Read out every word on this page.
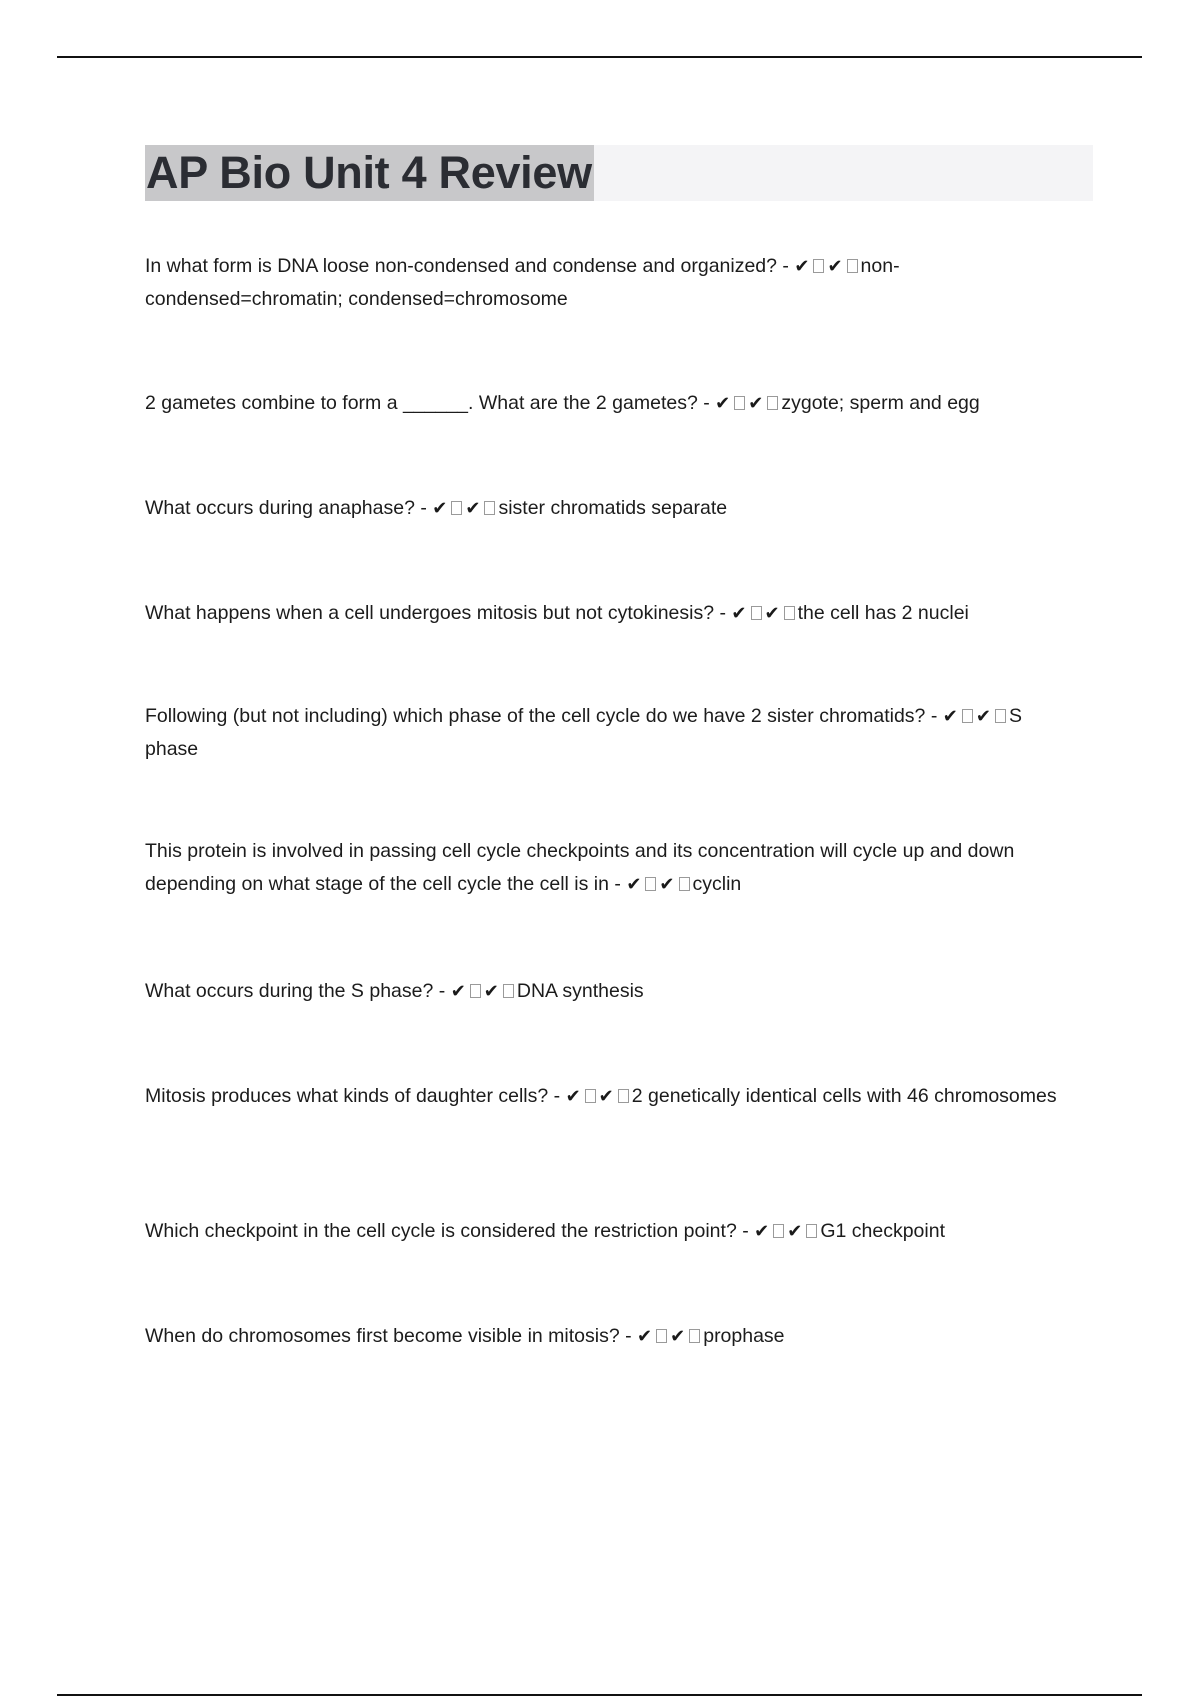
AP Bio Unit 4 Review
In what form is DNA loose non-condensed and condense and organized? - ✔ ✔ non-condensed=chromatin; condensed=chromosome
2 gametes combine to form a ______. What are the 2 gametes? - ✔ ✔ zygote; sperm and egg
What occurs during anaphase? - ✔ ✔ sister chromatids separate
What happens when a cell undergoes mitosis but not cytokinesis? - ✔ ✔ the cell has 2 nuclei
Following (but not including) which phase of the cell cycle do we have 2 sister chromatids? - ✔ ✔ S phase
This protein is involved in passing cell cycle checkpoints and its concentration will cycle up and down depending on what stage of the cell cycle the cell is in - ✔ ✔ cyclin
What occurs during the S phase? - ✔ ✔ DNA synthesis
Mitosis produces what kinds of daughter cells? - ✔ ✔ 2 genetically identical cells with 46 chromosomes
Which checkpoint in the cell cycle is considered the restriction point? - ✔ ✔ G1 checkpoint
When do chromosomes first become visible in mitosis? - ✔ ✔ prophase
